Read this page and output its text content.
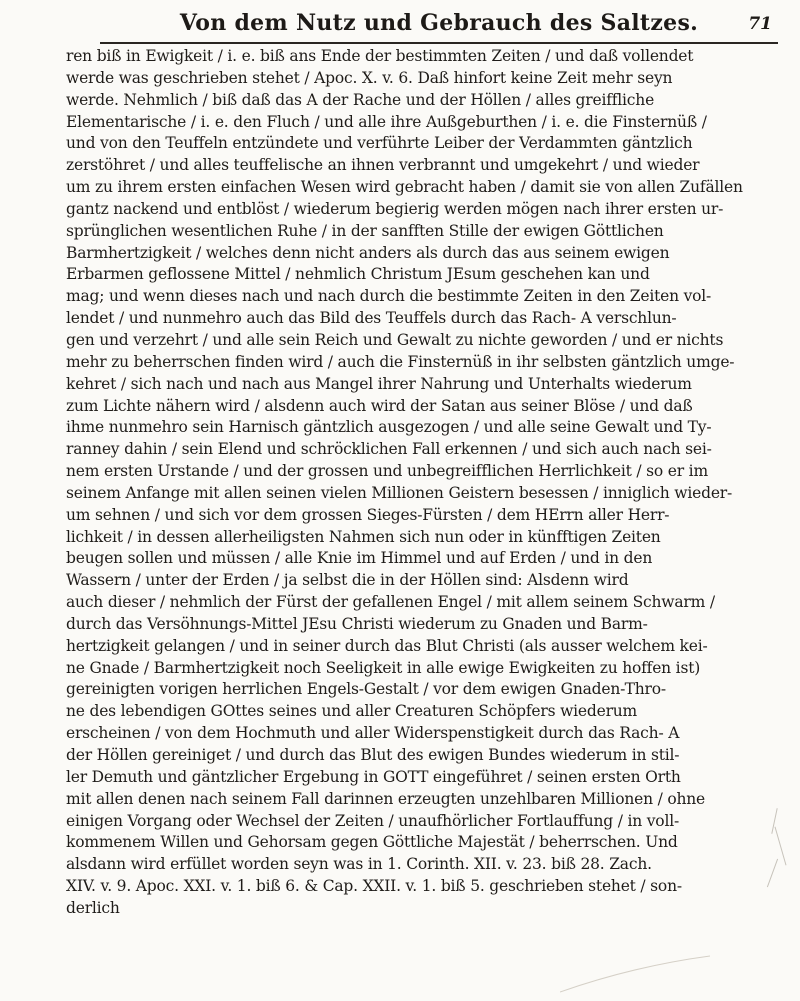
Von dem Nutz und Gebrauch des Saltzes.	71
ren biß in Ewigkeit / i. e. biß ans Ende der bestimmten Zeiten / und daß vollendet
werde was geschrieben stehet / Apoc. X. v. 6. Daß hinfort keine Zeit mehr seyn
werde. Nehmlich / biß daß das A der Rache und der Höllen / alles greiffliche
Elementarische / i. e. den Fluch / und alle ihre Außgeburthen / i. e. die Finsternüß /
und von den Teuffeln entzündete und verführte Leiber der Verdammten gäntzlich
zerstöhret / und alles teuffelische an ihnen verbrannt und umgekehrt / und wieder
um zu ihrem ersten einfachen Wesen wird gebracht haben / damit sie von allen Zufällen
gantz nackend und entblöst / wiederum begierig werden mögen nach ihrer ersten ur-
sprünglichen wesentlichen Ruhe / in der sanfften Stille der ewigen Göttlichen
Barmhertzigkeit / welches denn nicht anders als durch das aus seinem ewigen
Erbarmen geflossene Mittel / nehmlich Christum JEsum geschehen kan und
mag; und wenn dieses nach und nach durch die bestimmte Zeiten in den Zeiten vol-
lendet / und nunmehro auch das Bild des Teuffels durch das Rach- A verschlun-
gen und verzehrt / und alle sein Reich und Gewalt zu nichte geworden / und er nichts
mehr zu beherrschen finden wird / auch die Finsternüß in ihr selbsten gäntzlich umge-
kehret / sich nach und nach aus Mangel ihrer Nahrung und Unterhalts wiederum
zum Lichte nähern wird / alsdenn auch wird der Satan aus seiner Blöse / und daß
ihme nunmehro sein Harnisch gäntzlich ausgezogen / und alle seine Gewalt und Ty-
ranney dahin / sein Elend und schröcklichen Fall erkennen / und sich auch nach sei-
nem ersten Urstande / und der grossen und unbegreifflichen Herrlichkeit / so er im
seinem Anfange mit allen seinen vielen Millionen Geistern besessen / inniglich wieder-
um sehnen / und sich vor dem grossen Sieges-Fürsten / dem HErrn aller Herr-
lichkeit / in dessen allerheiligsten Nahmen sich nun oder in künfftigen Zeiten
beugen sollen und müssen / alle Knie im Himmel und auf Erden / und in den
Wassern / unter der Erden / ja selbst die in der Höllen sind: Alsdenn wird
auch dieser / nehmlich der Fürst der gefallenen Engel / mit allem seinem Schwarm /
durch das Versöhnungs-Mittel JEsu Christi wiederum zu Gnaden und Barm-
hertzigkeit gelangen / und in seiner durch das Blut Christi (als ausser welchem kei-
ne Gnade / Barmhertzigkeit noch Seeligkeit in alle ewige Ewigkeiten zu hoffen ist)
gereinigten vorigen herrlichen Engels-Gestalt / vor dem ewigen Gnaden-Thro-
ne des lebendigen GOttes seines und aller Creaturen Schöpfers wiederum
erscheinen / von dem Hochmuth und aller Widerspenstigkeit durch das Rach- A
der Höllen gereiniget / und durch das Blut des ewigen Bundes wiederum in stil-
ler Demuth und gäntzlicher Ergebung in GOTT eingeführet / seinen ersten Orth
mit allen denen nach seinem Fall darinnen erzeugten unzehlbaren Millionen / ohne
einigen Vorgang oder Wechsel der Zeiten / unaufhörlicher Fortlauffung / in voll-
kommenem Willen und Gehorsam gegen Göttliche Majestät / beherrschen. Und
alsdann wird erfüllet worden seyn was in 1. Corinth. XII. v. 23. biß 28. Zach.
XIV. v. 9. Apoc. XXI. v. 1. biß 6. & Cap. XXII. v. 1. biß 5. geschrieben stehet / son-
derlich
